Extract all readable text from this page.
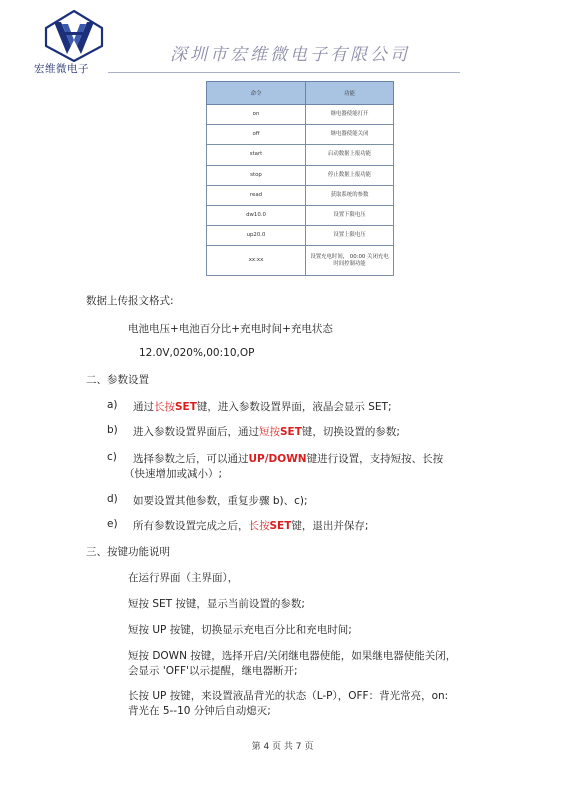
宏维微电子
深圳市宏维微电子有限公司
命令	功能
on	继电器使能打开
off	继电器使能关闭
start	启动数据上报功能
stop	停止数据上报功能
read	获取系统的参数
dw10.0	设置下限电压
up20.0	设置上限电压
xx:xx	设置充电时间， 00:00 关闭充电时间控制功能
数据上传报文格式:
电池电压+电池百分比+充电时间+充电状态
12.0V,020%,00:10,OP
二、参数设置
a) 通过长按SET键，进入参数设置界面，液晶会显示 SET;
b) 进入参数设置界面后，通过短按SET键，切换设置的参数;
c) 选择参数之后，可以通过UP/DOWN键进行设置，支持短按、长按
（快速增加或减小）;
d) 如要设置其他参数，重复步骤 b)、c);
e) 所有参数设置完成之后，长按SET键，退出并保存;
三、按键功能说明
在运行界面（主界面），
短按 SET 按键，显示当前设置的参数;
短按 UP 按键，切换显示充电百分比和充电时间;
短按 DOWN 按键，选择开启/关闭继电器使能，如果继电器使能关闭，
会显示 'OFF'以示提醒，继电器断开;
长按 UP 按键，来设置液晶背光的状态（L-P），OFF：背光常亮，on:
背光在 5--10 分钟后自动熄灭;
第 4 页 共 7 页
